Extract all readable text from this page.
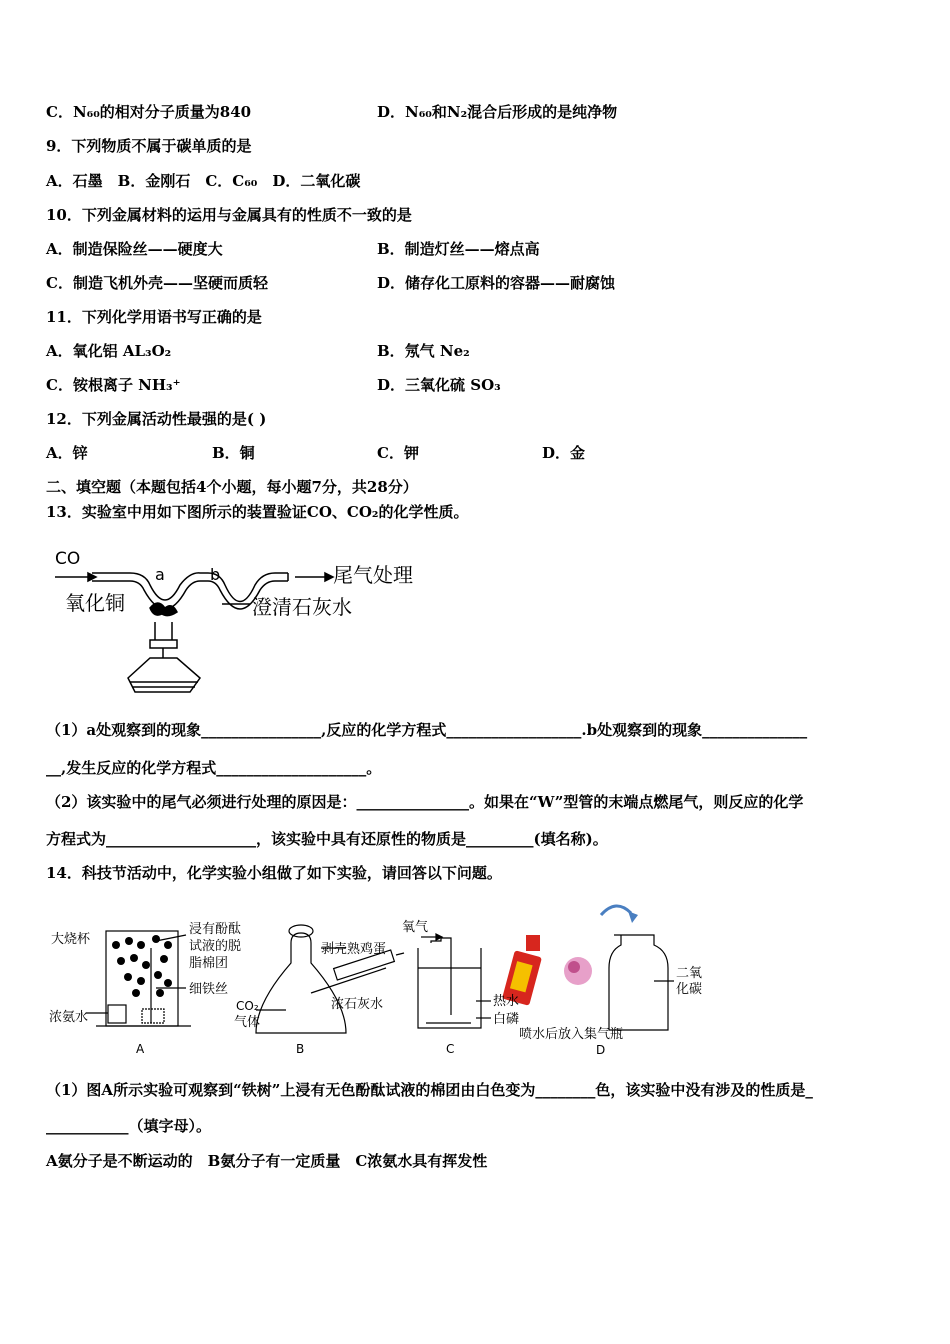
C．N₆₀的相对分子质量为840	D．N₆₀和N₂混合后形成的是纯净物
9．下列物质不属于碳单质的是
A．石墨　B．金刚石　C．C₆₀　D．二氧化碳
10．下列金属材料的运用与金属具有的性质不一致的是
A．制造保险丝——硬度大	B．制造灯丝——熔点高
C．制造飞机外壳——坚硬而质轻	D．储存化工原料的容器——耐腐蚀
11．下列化学用语书写正确的是
A．氧化铝 AL₃O₂	B．氖气 Ne₂
C．铵根离子 NH₃⁺	D．三氧化硫 SO₃
12．下列金属活动性最强的是( )
A．锌	B．铜	C．钾	D．金
二、填空题（本题包括4个小题，每小题7分，共28分）
13．实验室中用如下图所示的装置验证CO、CO₂的化学性质。
CO
a	b	尾气处理
氧化铜	澄清石灰水
（1）a处观察到的现象________________,反应的化学方程式__________________.b处观察到的现象______________
__,发生反应的化学方程式____________________。
（2）该实验中的尾气必须进行处理的原因是：_______________。如果在“W”型管的末端点燃尾气，则反应的化学
方程式为____________________，该实验中具有还原性的物质是_________(填名称)。
14．科技节活动中，化学实验小组做了如下实验，请回答以下问题。
大烧杯
浸有酚酞
试液的脱
脂棉团
细铁丝
浓氨水
A
剥壳熟鸡蛋
CO₂
气体
浓石灰水
B
氧气
热水
白磷
C
二氧
化碳
喷水后放入集气瓶
D
（1）图A所示实验可观察到“铁树”上浸有无色酚酞试液的棉团由白色变为________色，该实验中没有涉及的性质是_
___________（填字母）。
A氨分子是不断运动的　B氨分子有一定质量　C浓氨水具有挥发性
